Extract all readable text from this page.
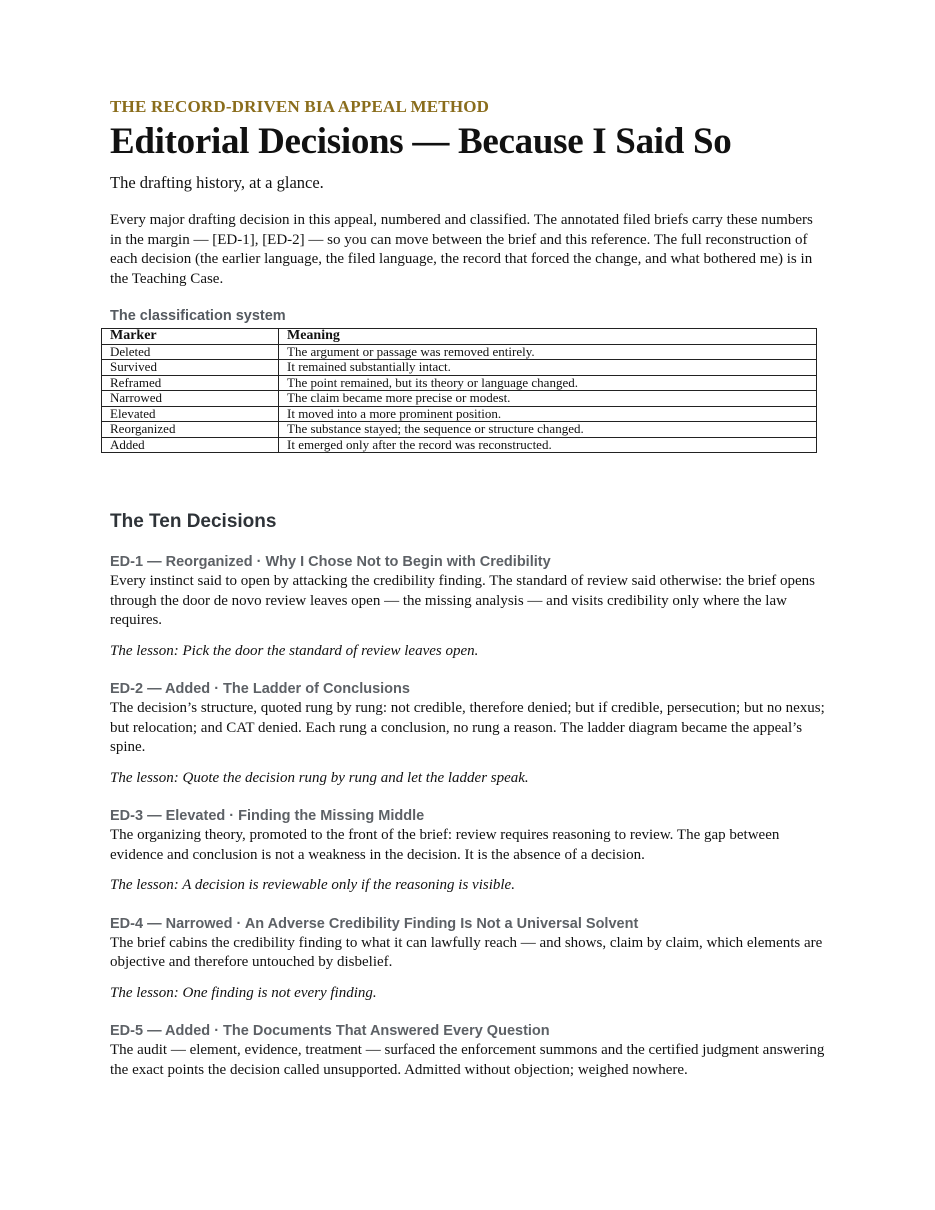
THE RECORD-DRIVEN BIA APPEAL METHOD

Editorial Decisions — Because I Said So

The drafting history, at a glance.

Every major drafting decision in this appeal, numbered and classified. The annotated filed briefs carry these numbers in the margin — [ED-1], [ED-2] — so you can move between the brief and this reference. The full reconstruction of each decision (the earlier language, the filed language, the record that forced the change, and what bothered me) is in the Teaching Case.

The classification system
Marker	Meaning
Deleted	The argument or passage was removed entirely.
Survived	It remained substantially intact.
Reframed	The point remained, but its theory or language changed.
Narrowed	The claim became more precise or modest.
Elevated	It moved into a more prominent position.
Reorganized	The substance stayed; the sequence or structure changed.
Added	It emerged only after the record was reconstructed.
The Ten Decisions
ED-1 — Reorganized · Why I Chose Not to Begin with Credibility

Every instinct said to open by attacking the credibility finding. The standard of review said otherwise: the brief opens through the door de novo review leaves open — the missing analysis — and visits credibility only where the law requires.

The lesson: Pick the door the standard of review leaves open.

ED-2 — Added · The Ladder of Conclusions

The decision’s structure, quoted rung by rung: not credible, therefore denied; but if credible, persecution; but no nexus; but relocation; and CAT denied. Each rung a conclusion, no rung a reason. The ladder diagram became the appeal’s spine.

The lesson: Quote the decision rung by rung and let the ladder speak.

ED-3 — Elevated · Finding the Missing Middle

The organizing theory, promoted to the front of the brief: review requires reasoning to review. The gap between evidence and conclusion is not a weakness in the decision. It is the absence of a decision.

The lesson: A decision is reviewable only if the reasoning is visible.

ED-4 — Narrowed · An Adverse Credibility Finding Is Not a Universal Solvent

The brief cabins the credibility finding to what it can lawfully reach — and shows, claim by claim, which elements are objective and therefore untouched by disbelief.

The lesson: One finding is not every finding.

ED-5 — Added · The Documents That Answered Every Question

The audit — element, evidence, treatment — surfaced the enforcement summons and the certified judgment answering the exact points the decision called unsupported. Admitted without objection; weighed nowhere.
